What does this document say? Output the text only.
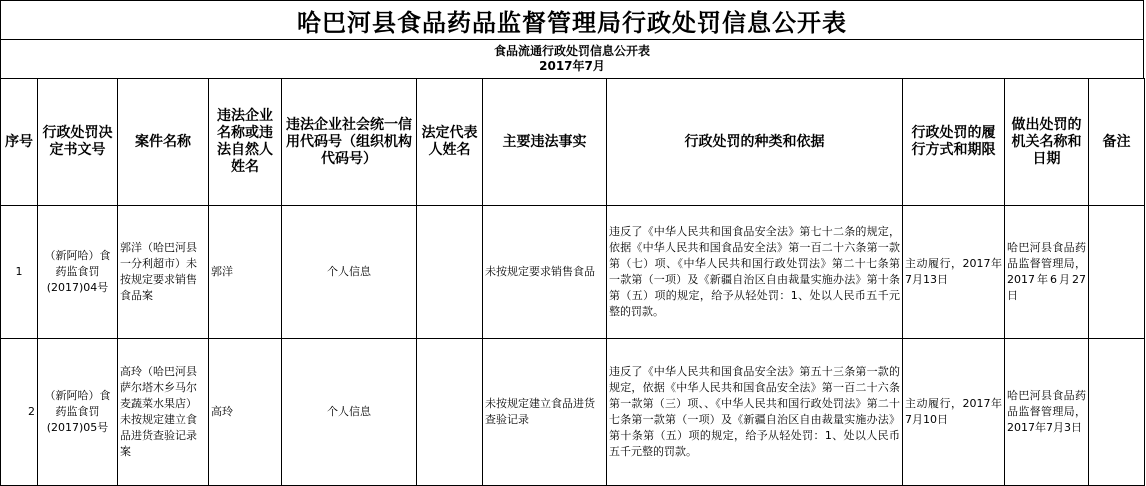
哈巴河县食品药品监督管理局行政处罚信息公开表
食品流通行政处罚信息公开表
2017年7月
序号	行政处罚决定书文号	案件名称	违法企业名称或违法自然人姓名	违法企业社会统一信用代码号（组织机构代码号）	法定代表人姓名	主要违法事实	行政处罚的种类和依据	行政处罚的履行方式和期限	做出处罚的机关名称和日期	备注
1	（新阿哈）食药监食罚(2017)04号	郭洋（哈巴河县一分利超市）未按规定要求销售食品案	郭洋	个人信息		未按规定要求销售食品	违反了《中华人民共和国食品安全法》第七十二条的规定，依据《中华人民共和国食品安全法》第一百二十六条第一款第（七）项、《中华人民共和国行政处罚法》第二十七条第一款第（一项）及《新疆自治区自由裁量实施办法》第十条第（五）项的规定，给予从轻处罚：1、处以人民币五千元整的罚款。	主动履行，2017年7月13日	哈巴河县食品药品监督管理局，2017年6月27日	
2	（新阿哈）食药监食罚(2017)05号	高玲（哈巴河县萨尔塔木乡马尔麦蔬菜水果店）未按规定建立食品进货查验记录案	高玲	个人信息		未按规定建立食品进货查验记录	违反了《中华人民共和国食品安全法》第五十三条第一款的规定，依据《中华人民共和国食品安全法》第一百二十六条第一款第（三）项、、《中华人民共和国行政处罚法》第二十七条第一款第（一项）及《新疆自治区自由裁量实施办法》第十条第（五）项的规定，给予从轻处罚：1、处以人民币五千元整的罚款。	主动履行，2017年7月10日	哈巴河县食品药品监督管理局，2017年7月3日	
